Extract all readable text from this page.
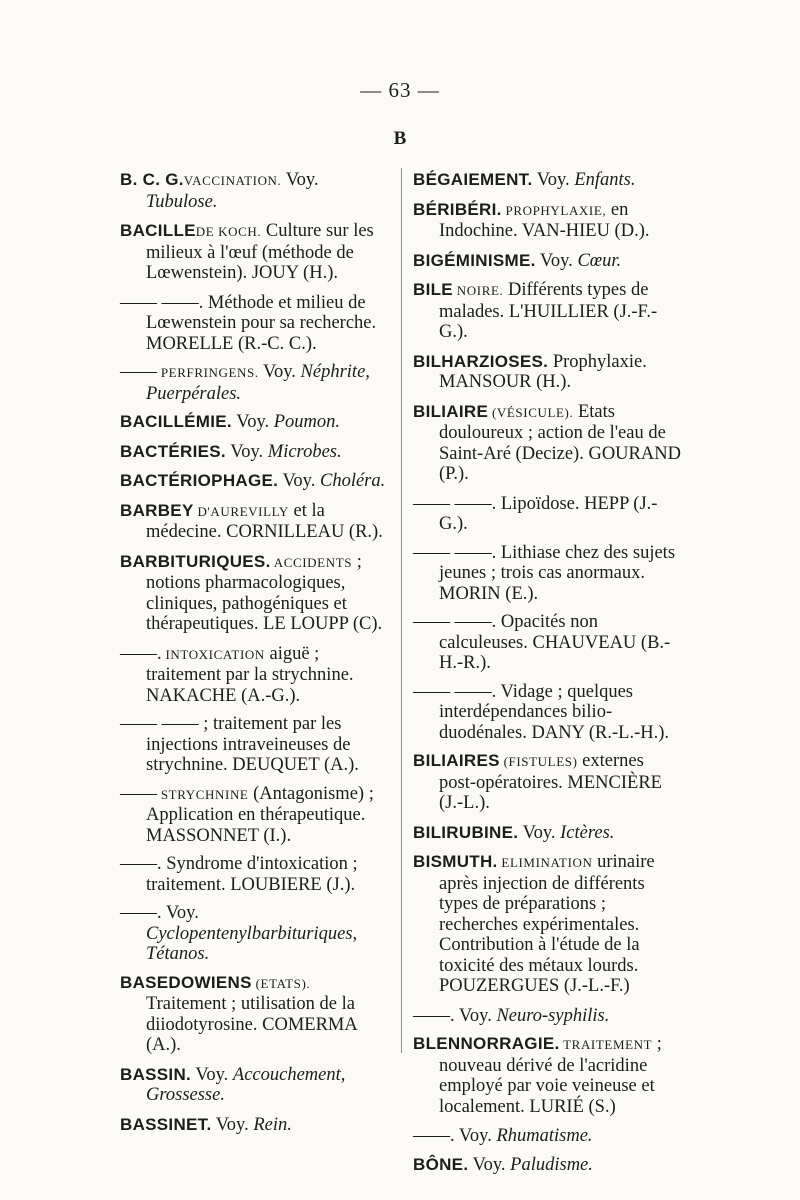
— 63 —
B
B. C. G.VACCINATION. Voy. Tubulose.
BACILLEDE KOCH. Culture sur les milieux à l'œuf (méthode de Lœwenstein). JOUY (H.).
—— ——. Méthode et milieu de Lœwenstein pour sa recherche. MORELLE (R.-C. C.).
—— PERFRINGENS. Voy. Néphrite, Puerpérales.
BACILLÉMIE. Voy. Poumon.
BACTÉRIES. Voy. Microbes.
BACTÉRIOPHAGE. Voy. Choléra.
BARBEY D'AUREVILLY et la médecine. CORNILLEAU (R.).
BARBITURIQUES. ACCIDENTS ; notions pharmacologiques, cliniques, pathogéniques et thérapeutiques. LE LOUPP (C).
——. INTOXICATION aiguë ; traitement par la strychnine. NAKACHE (A.-G.).
—— —— ; traitement par les injections intraveineuses de strychnine. DEUQUET (A.).
—— STRYCHNINE (Antagonisme) ; Application en thérapeutique. MASSONNET (I.).
——. Syndrome d'intoxication ; traitement. LOUBIERE (J.).
——. Voy. Cyclopentenylbarbituriques, Tétanos.
BASEDOWIENS (ETATS). Traitement ; utilisation de la diiodotyrosine. COMERMA (A.).
BASSIN. Voy. Accouchement, Grossesse.
BASSINET. Voy. Rein.
BÉGAIEMENT. Voy. Enfants.
BÉRIBÉRI. PROPHYLAXIE, en Indochine. VAN-HIEU (D.).
BIGÉMINISME. Voy. Cœur.
BILE NOIRE. Différents types de malades. L'HUILLIER (J.-F.-G.).
BILHARZIOSES. Prophylaxie. MANSOUR (H.).
BILIAIRE (VÉSICULE). Etats douloureux ; action de l'eau de Saint-Aré (Decize). GOURAND (P.).
—— ——. Lipoïdose. HEPP (J.-G.).
—— ——. Lithiase chez des sujets jeunes ; trois cas anormaux. MORIN (E.).
—— ——. Opacités non calculeuses. CHAUVEAU (B.-H.-R.).
—— ——. Vidage ; quelques interdépendances bilio-duodénales. DANY (R.-L.-H.).
BILIAIRES (FISTULES) externes post-opératoires. MENCIÈRE (J.-L.).
BILIRUBINE. Voy. Ictères.
BISMUTH. ELIMINATION urinaire après injection de différents types de préparations ; recherches expérimentales. Contribution à l'étude de la toxicité des métaux lourds. POUZERGUES (J.-L.-F.)
——. Voy. Neuro-syphilis.
BLENNORRAGIE. TRAITEMENT ; nouveau dérivé de l'acridine employé par voie veineuse et localement. LURIÉ (S.)
——. Voy. Rhumatisme.
BÔNE. Voy. Paludisme.
